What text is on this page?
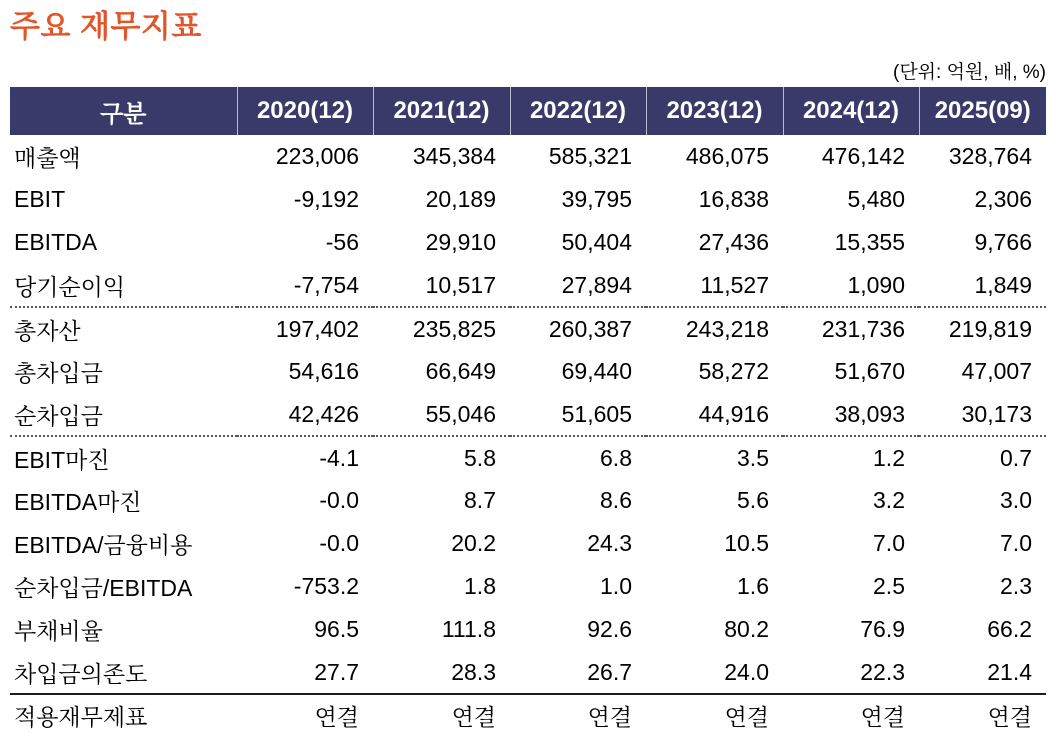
주요 재무지표
(단위: 억원, 배, %)
구분	2020(12)	2021(12)	2022(12)	2023(12)	2024(12)	2025(09)
매출액	223,006	345,384	585,321	486,075	476,142	328,764
EBIT	-9,192	20,189	39,795	16,838	5,480	2,306
EBITDA	-56	29,910	50,404	27,436	15,355	9,766
당기순이익	-7,754	10,517	27,894	11,527	1,090	1,849
총자산	197,402	235,825	260,387	243,218	231,736	219,819
총차입금	54,616	66,649	69,440	58,272	51,670	47,007
순차입금	42,426	55,046	51,605	44,916	38,093	30,173
EBIT마진	-4.1	5.8	6.8	3.5	1.2	0.7
EBITDA마진	-0.0	8.7	8.6	5.6	3.2	3.0
EBITDA/금융비용	-0.0	20.2	24.3	10.5	7.0	7.0
순차입금/EBITDA	-753.2	1.8	1.0	1.6	2.5	2.3
부채비율	96.5	111.8	92.6	80.2	76.9	66.2
차입금의존도	27.7	28.3	26.7	24.0	22.3	21.4
적용재무제표	연결	연결	연결	연결	연결	연결
